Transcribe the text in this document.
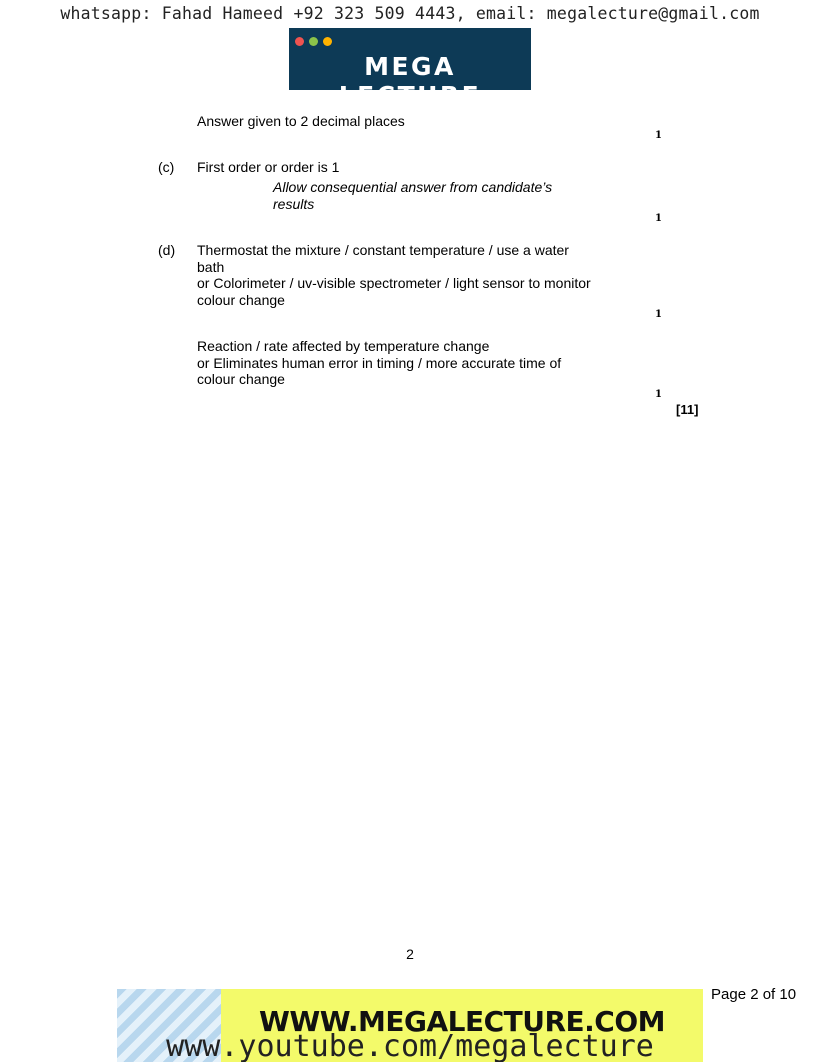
whatsapp: Fahad Hameed +92 323 509 4443, email: megalecture@gmail.com
MEGA LECTURE
Answer given to 2 decimal places
1
(c) First order or order is 1
Allow consequential answer from candidate’s
results
1
(d) Thermostat the mixture / constant temperature / use a water
bath
or Colorimeter / uv-visible spectrometer / light sensor to monitor
colour change
1
Reaction / rate affected by temperature change
or Eliminates human error in timing / more accurate time of
colour change
1
[11]
2
Page 2 of 10
WWW.MEGALECTURE.COM
www.youtube.com/megalecture
